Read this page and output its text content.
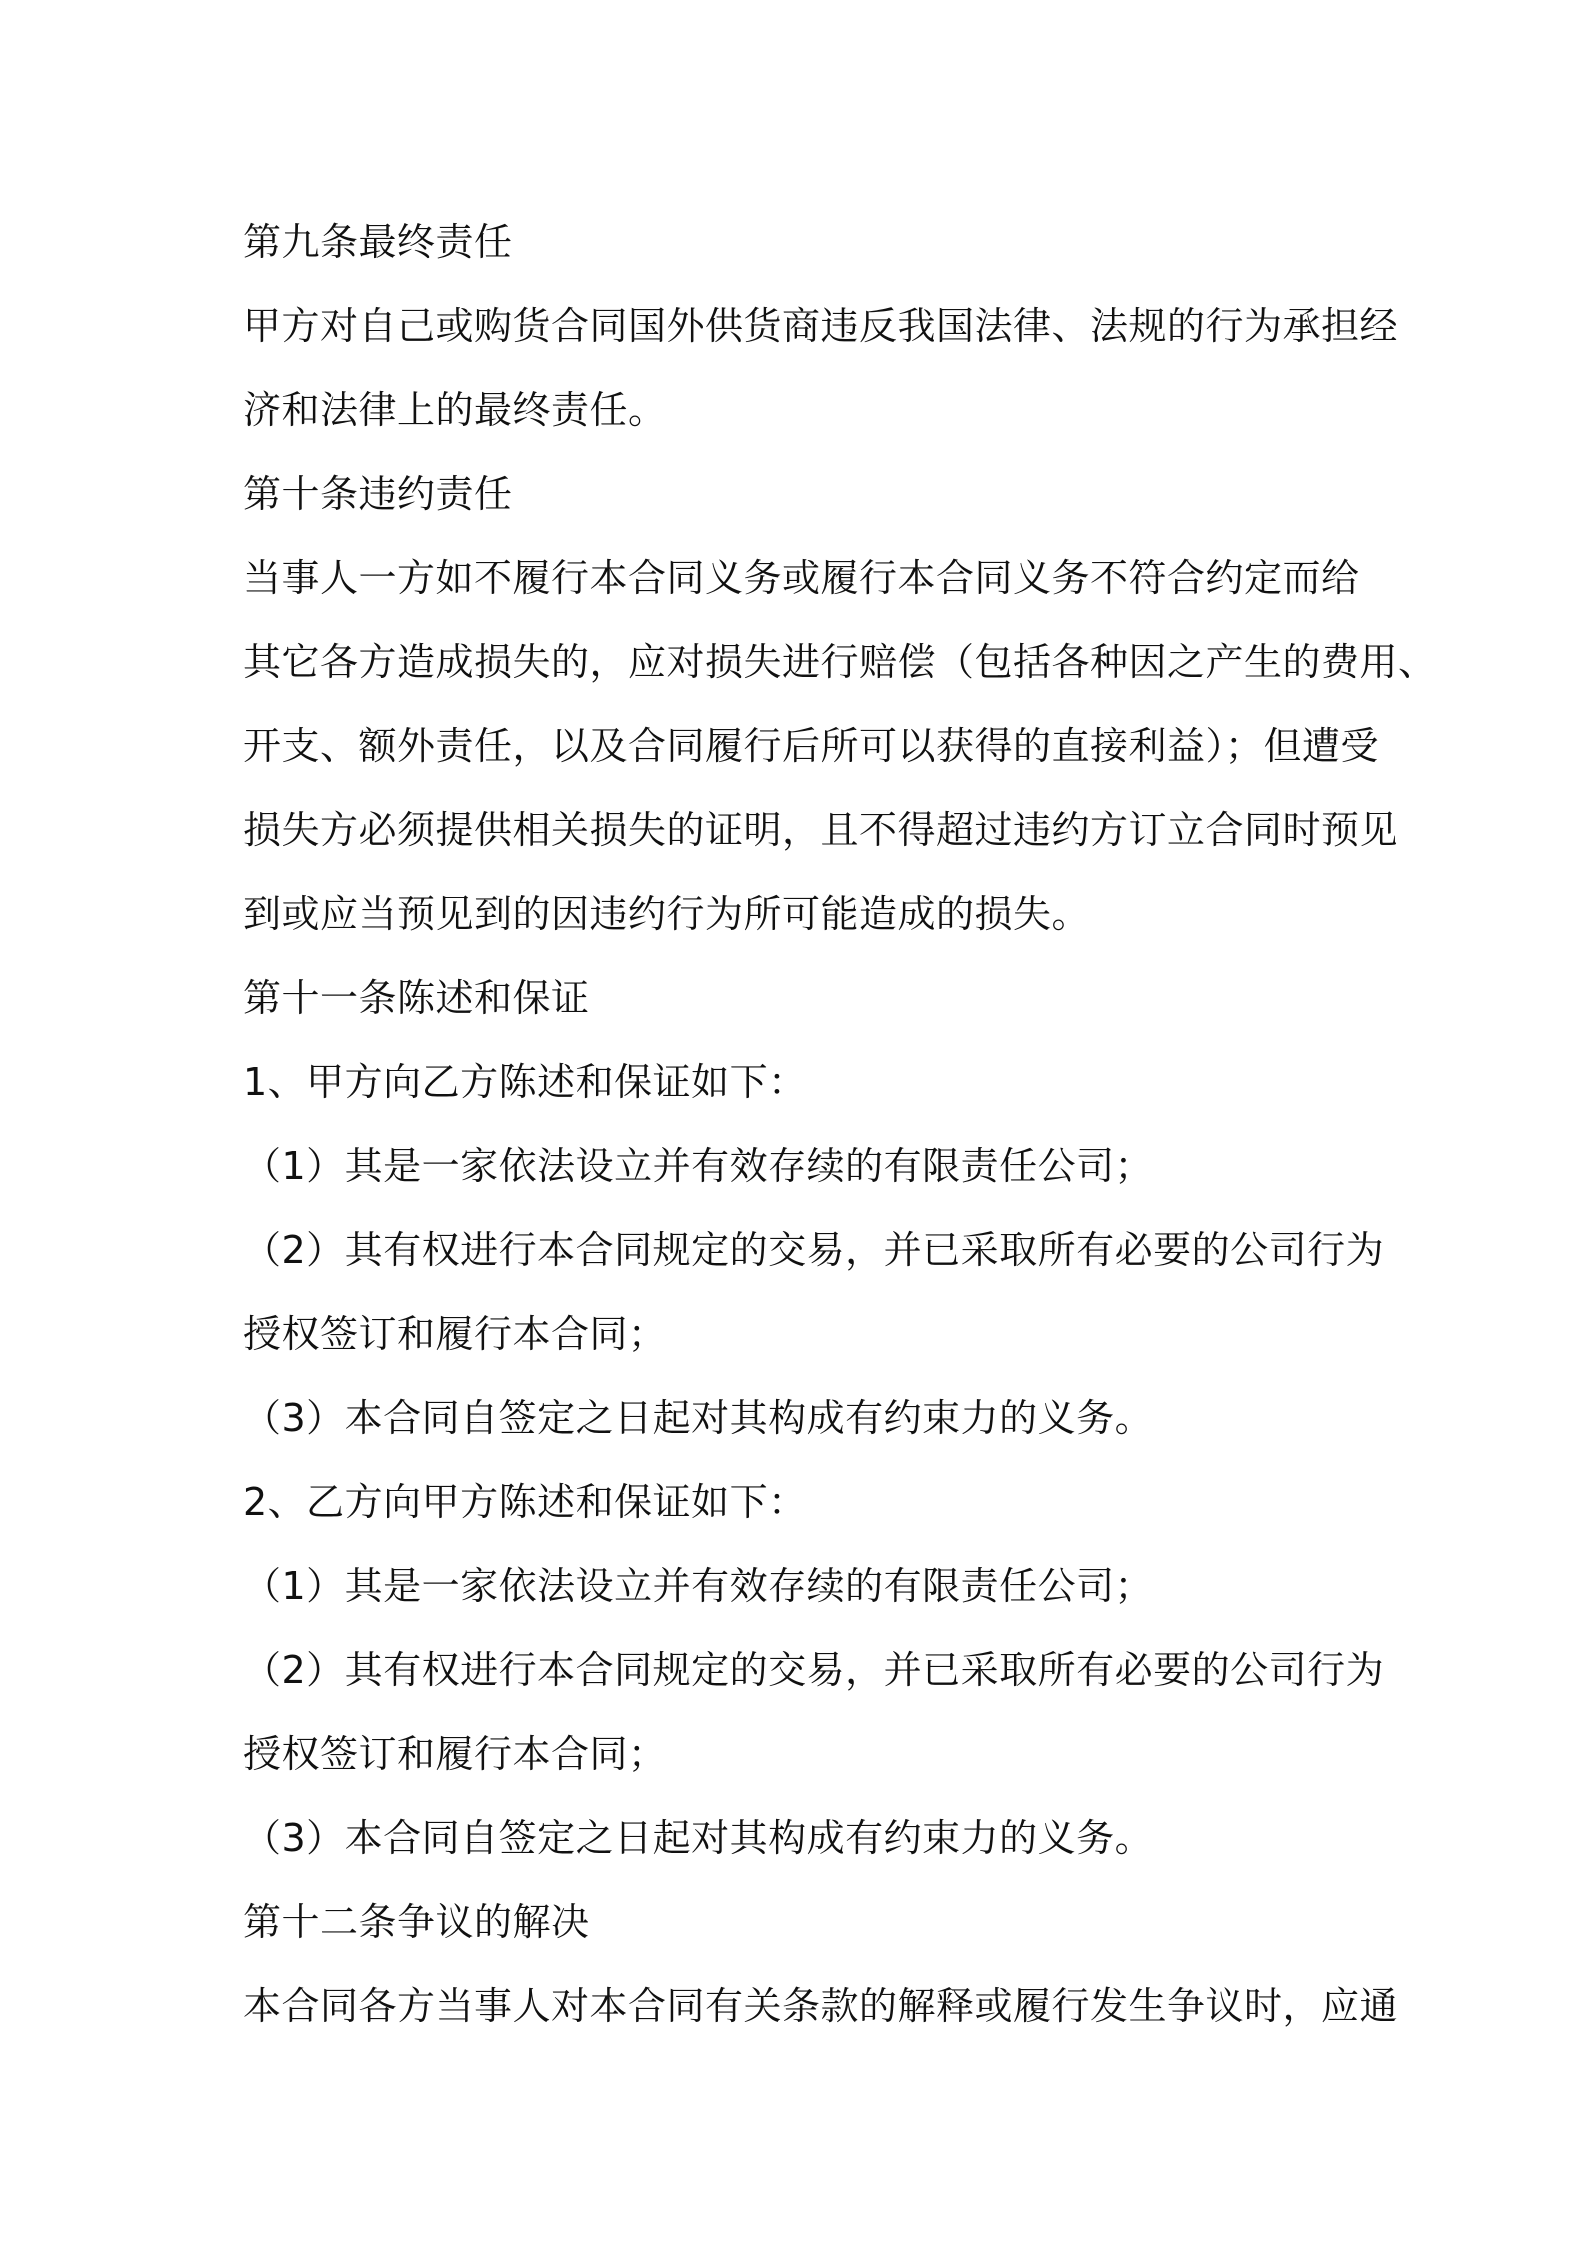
第九条最终责任
甲方对自己或购货合同国外供货商违反我国法律、法规的行为承担经
济和法律上的最终责任。
第十条违约责任
当事人一方如不履行本合同义务或履行本合同义务不符合约定而给
其它各方造成损失的，应对损失进行赔偿（包括各种因之产生的费用、
开支、额外责任，以及合同履行后所可以获得的直接利益）；但遭受
损失方必须提供相关损失的证明，且不得超过违约方订立合同时预见
到或应当预见到的因违约行为所可能造成的损失。
第十一条陈述和保证
1、甲方向乙方陈述和保证如下：
（1）其是一家依法设立并有效存续的有限责任公司；
（2）其有权进行本合同规定的交易，并已采取所有必要的公司行为
授权签订和履行本合同；
（3）本合同自签定之日起对其构成有约束力的义务。
2、乙方向甲方陈述和保证如下：
（1）其是一家依法设立并有效存续的有限责任公司；
（2）其有权进行本合同规定的交易，并已采取所有必要的公司行为
授权签订和履行本合同；
（3）本合同自签定之日起对其构成有约束力的义务。
第十二条争议的解决
本合同各方当事人对本合同有关条款的解释或履行发生争议时，应通
